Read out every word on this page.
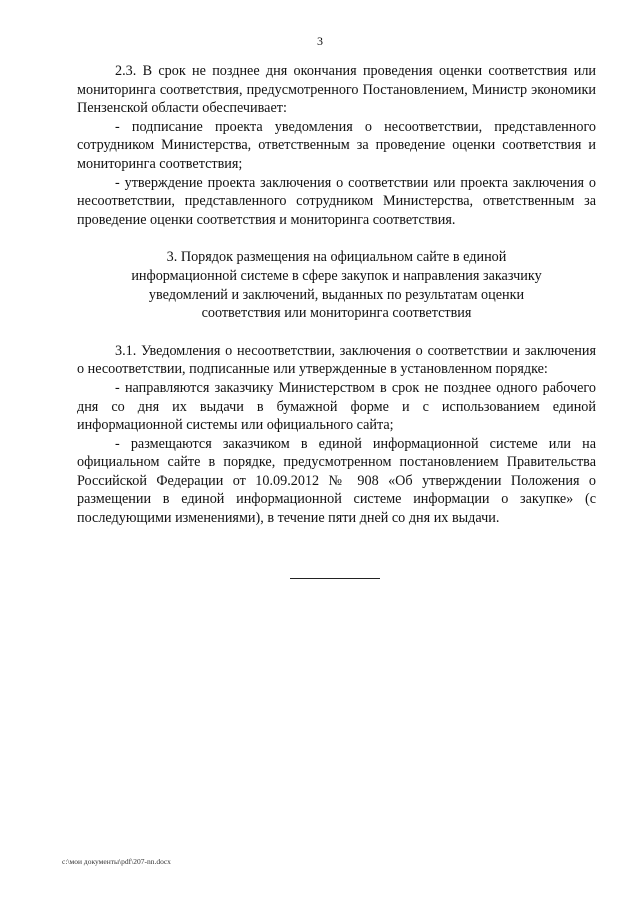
3

2.3. В срок не позднее дня окончания проведения оценки соответствия или мониторинга соответствия, предусмотренного Постановлением, Министр экономики Пензенской области обеспечивает:

- подписание проекта уведомления о несоответствии, представленного сотрудником Министерства, ответственным за проведение оценки соответствия и мониторинга соответствия;

- утверждение проекта заключения о соответствии или проекта заключения о несоответствии, представленного сотрудником Министерства, ответственным за проведение оценки соответствия и мониторинга соответствия.

3. Порядок размещения на официальном сайте в единой
информационной системе в сфере закупок и направления заказчику
уведомлений и заключений, выданных по результатам оценки
соответствия или мониторинга соответствия

3.1. Уведомления о несоответствии, заключения о соответствии и заключения о несоответствии, подписанные или утвержденные в установленном порядке:

- направляются заказчику Министерством в срок не позднее одного рабочего дня со дня их выдачи в бумажной форме и с использованием единой информационной системы или официального сайта;

- размещаются заказчиком в единой информационной системе или на официальном сайте в порядке, предусмотренном постановлением Правительства Российской Федерации от 10.09.2012 № 908 «Об утверждении Положения о размещении в единой информационной системе информации о закупке» (с последующими изменениями), в течение пяти дней со дня их выдачи.

c:\мои документы\pdf\207-nn.docx
